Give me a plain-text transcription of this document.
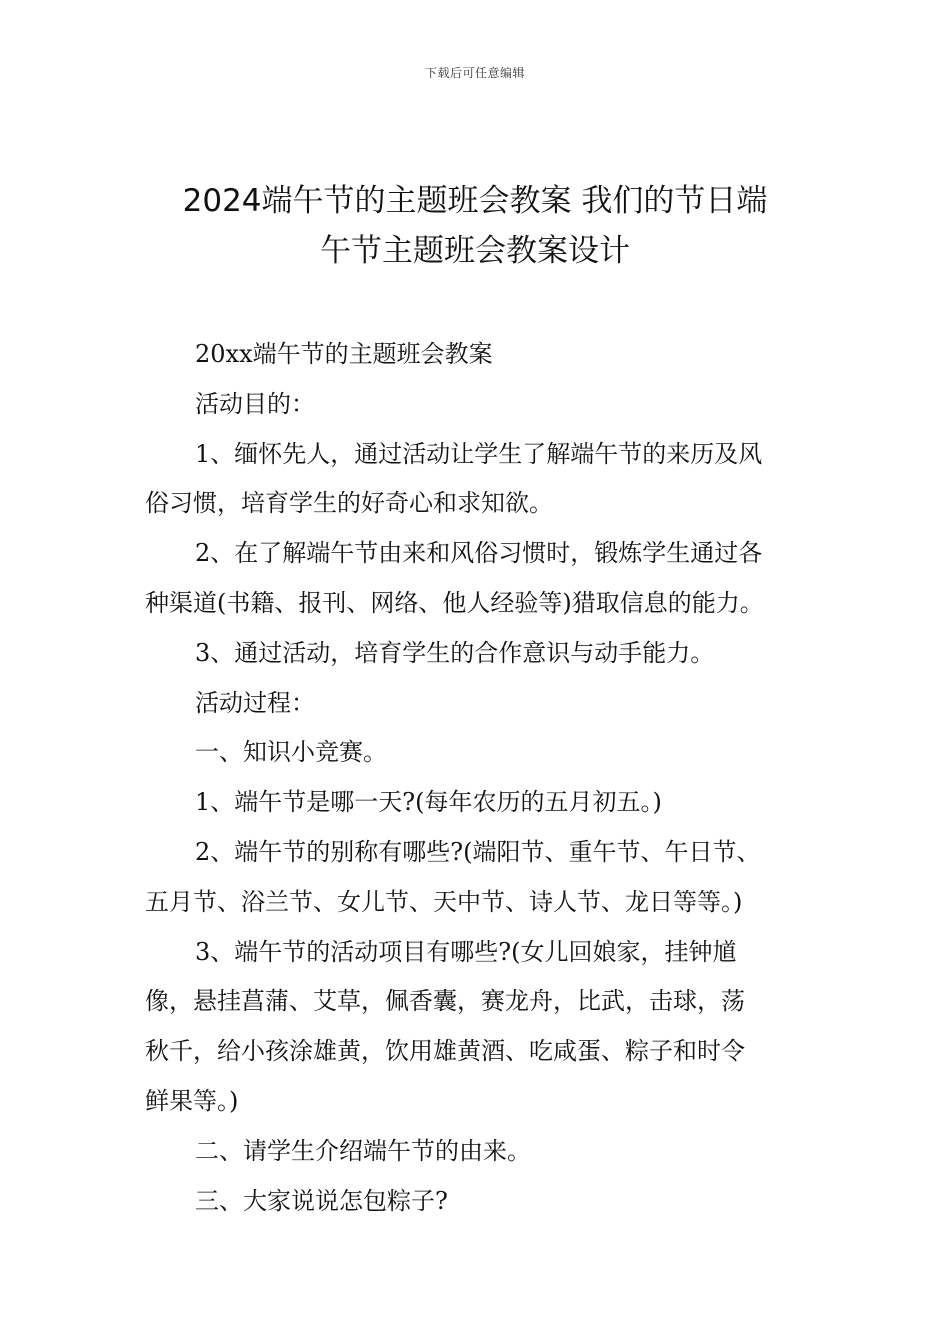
下载后可任意编辑
2024端午节的主题班会教案 我们的节日端
午节主题班会教案设计

20xx端午节的主题班会教案

活动目的：

1、缅怀先人，通过活动让学生了解端午节的来历及风

俗习惯，培育学生的好奇心和求知欲。

2、在了解端午节由来和风俗习惯时，锻炼学生通过各

种渠道(书籍、报刊、网络、他人经验等)猎取信息的能力。

3、通过活动，培育学生的合作意识与动手能力。

活动过程：

一、知识小竞赛。

1、端午节是哪一天?(每年农历的五月初五。)

2、端午节的别称有哪些?(端阳节、重午节、午日节、

五月节、浴兰节、女儿节、天中节、诗人节、龙日等等。)

3、端午节的活动项目有哪些?(女儿回娘家，挂钟馗

像，悬挂菖蒲、艾草，佩香囊，赛龙舟，比武，击球，荡

秋千，给小孩涂雄黄，饮用雄黄酒、吃咸蛋、粽子和时令

鲜果等。)

二、请学生介绍端午节的由来。

三、大家说说怎包粽子?
